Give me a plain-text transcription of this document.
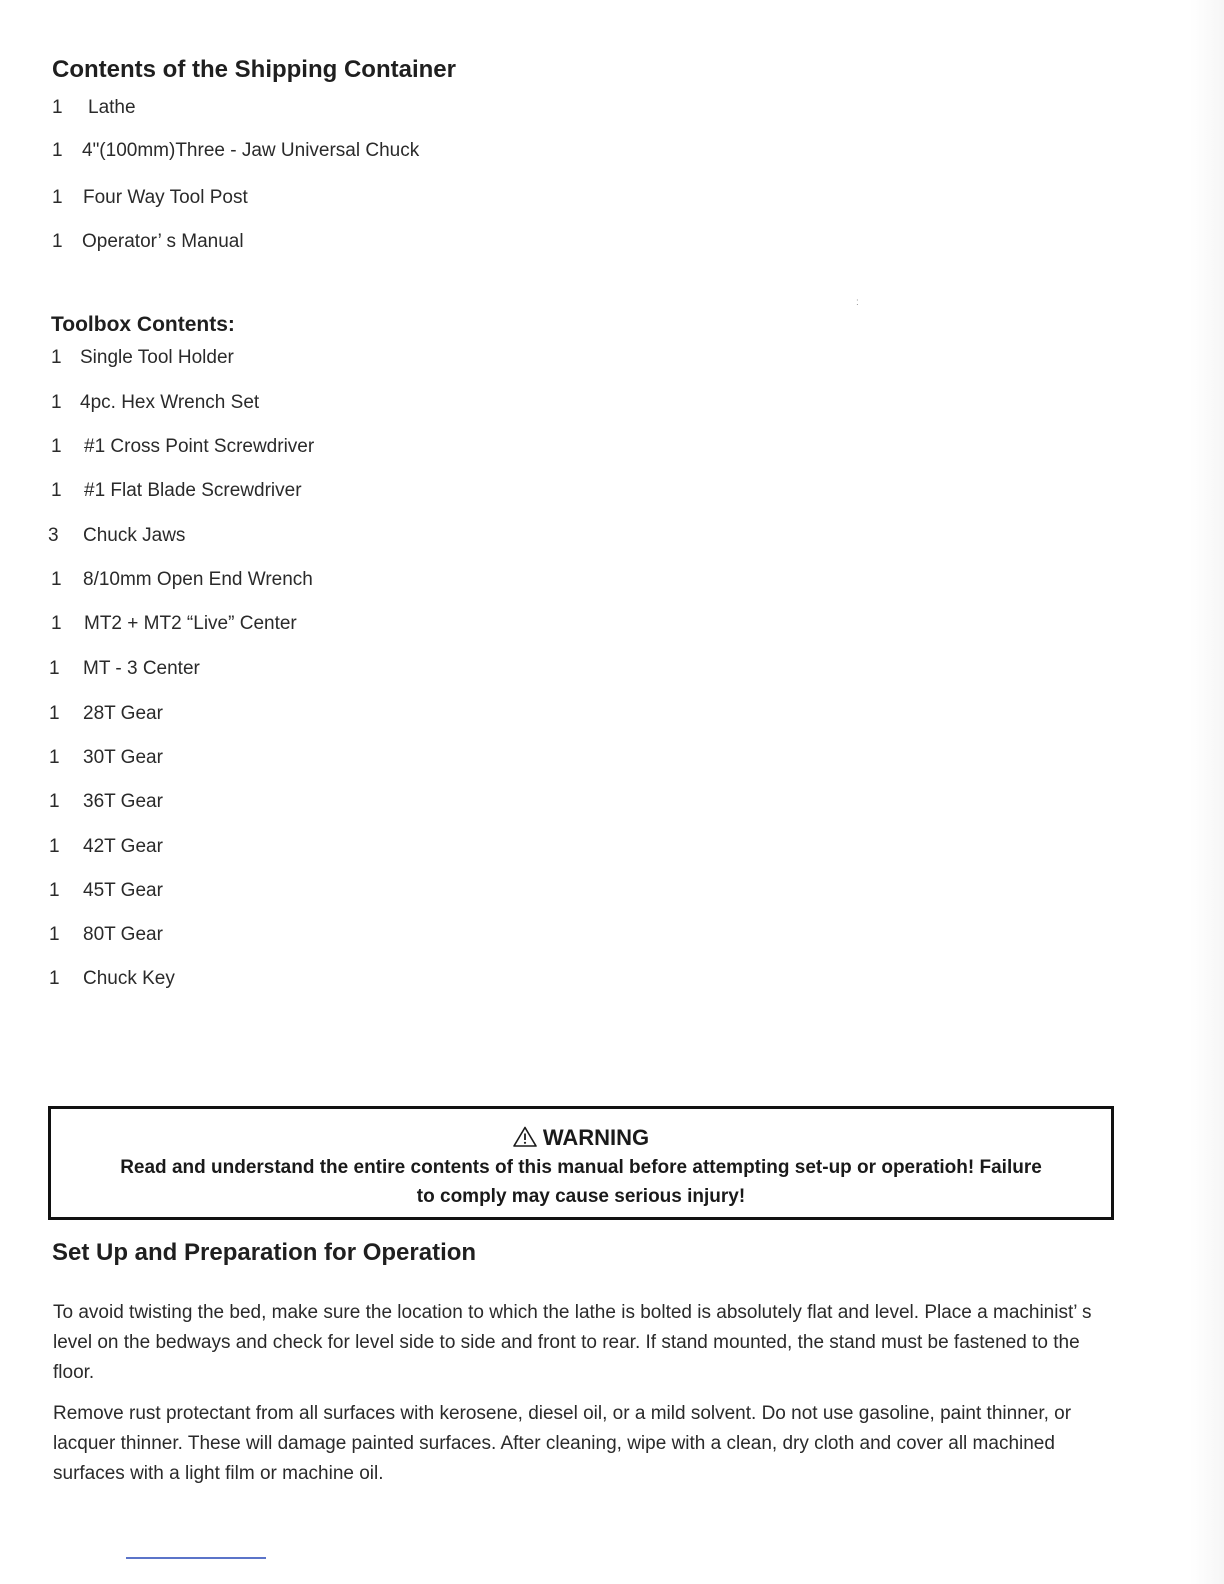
Contents of the Shipping Container
1 Lathe
1 4"(100mm)Three - Jaw Universal Chuck
1 Four Way Tool Post
1 Operator’ s Manual
Toolbox Contents:
1 Single Tool Holder
1 4pc. Hex Wrench Set
1 #1 Cross Point Screwdriver
1 #1 Flat Blade Screwdriver
3 Chuck Jaws
1 8/10mm Open End Wrench
1 MT2 + MT2 “Live” Center
1 MT - 3 Center
1 28T Gear
1 30T Gear
1 36T Gear
1 42T Gear
1 45T Gear
1 80T Gear
1 Chuck Key
:
WARNING
Read and understand the entire contents of this manual before attempting set-up or operatioh! Failure to comply may cause serious injury!
Set Up and Preparation for Operation

To avoid twisting the bed, make sure the location to which the lathe is bolted is absolutely flat and level. Place a machinist’ s level on the bedways and check for level side to side and front to rear. If stand mounted, the stand must be fastened to the floor.

Remove rust protectant from all surfaces with kerosene, diesel oil, or a mild solvent. Do not use gasoline, paint thinner, or lacquer thinner. These will damage painted surfaces. After cleaning, wipe with a clean, dry cloth and cover all machined surfaces with a light film or machine oil.
